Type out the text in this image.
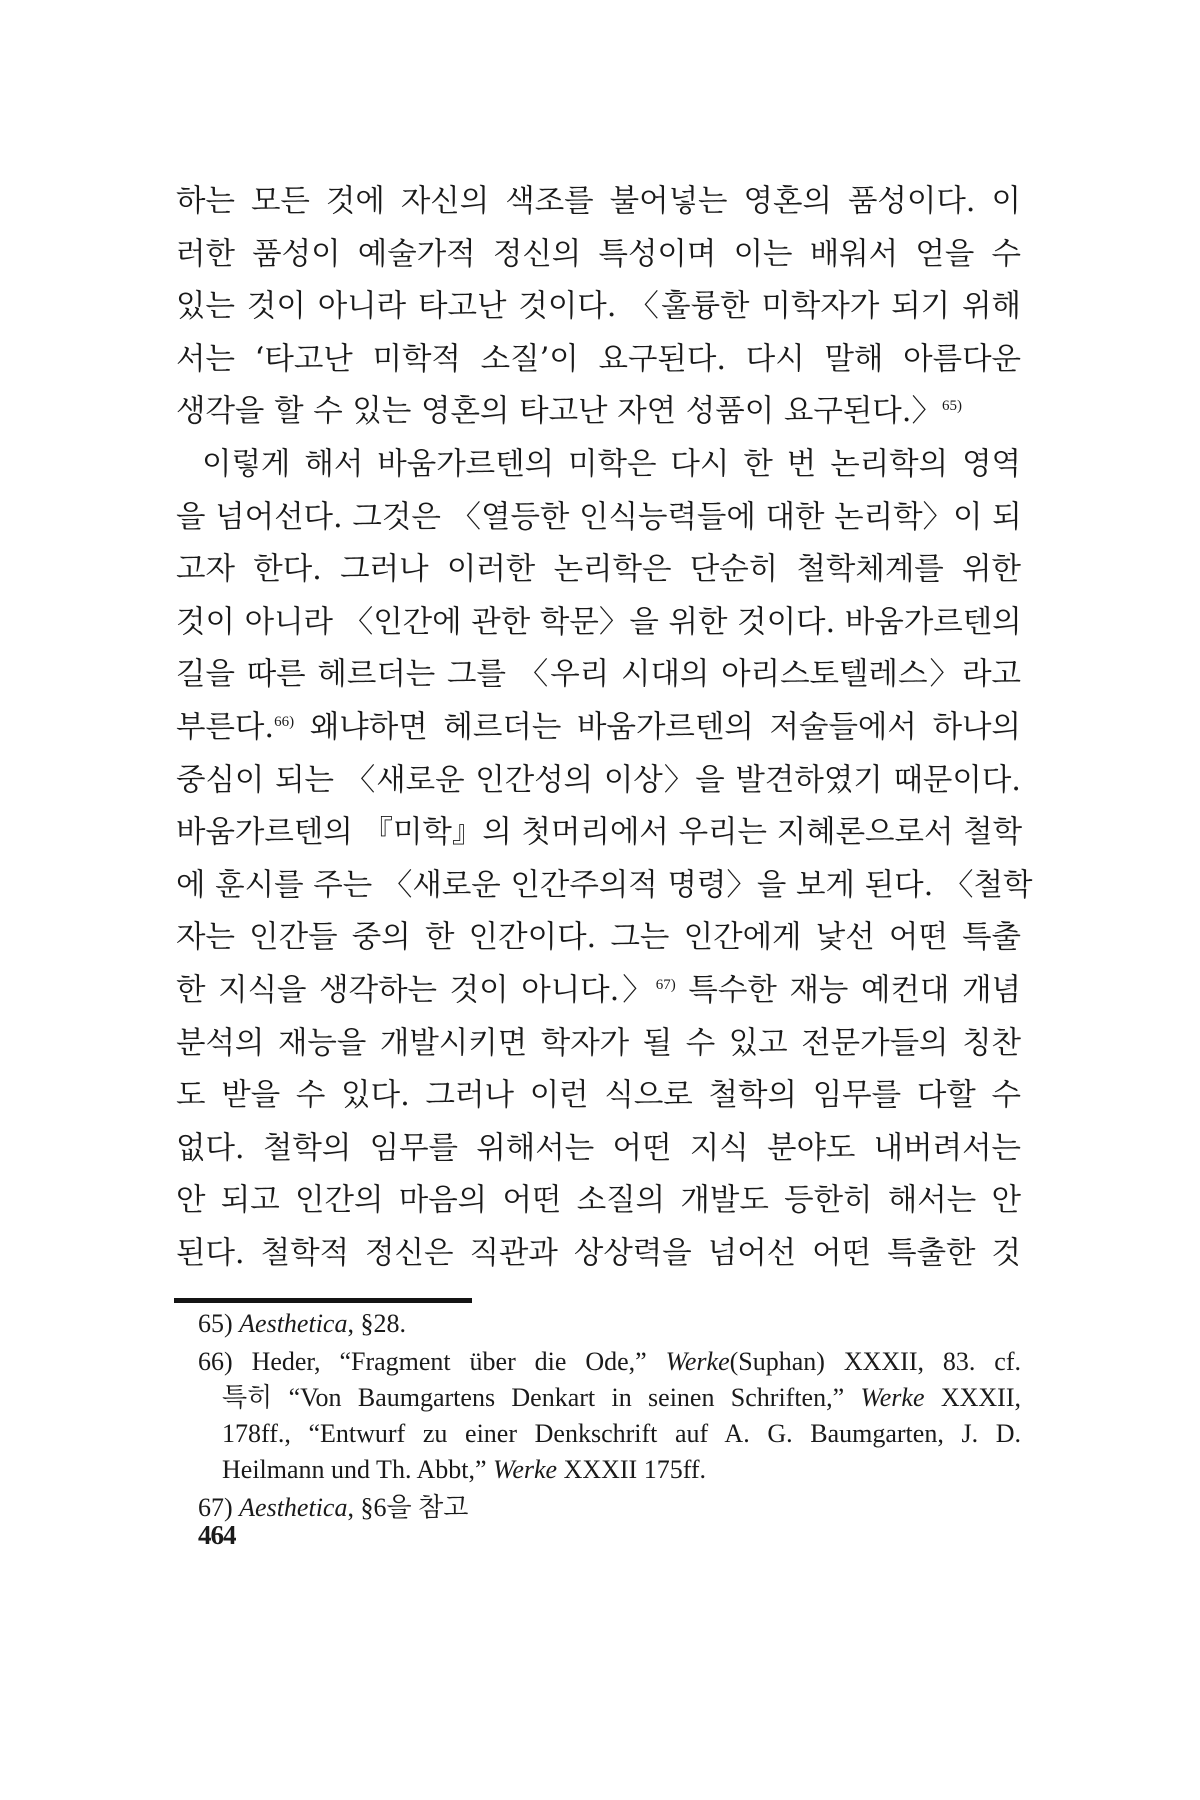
하는 모든 것에 자신의 색조를 불어넣는 영혼의 품성이다. 이
러한 품성이 예술가적 정신의 특성이며 이는 배워서 얻을 수
있는 것이 아니라 타고난 것이다. 〈훌륭한 미학자가 되기 위해
서는 ‘타고난 미학적 소질’이 요구된다. 다시 말해 아름다운
생각을 할 수 있는 영혼의 타고난 자연 성품이 요구된다.〉$^{65)}$
이렇게 해서 바움가르텐의 미학은 다시 한 번 논리학의 영역
을 넘어선다. 그것은 〈열등한 인식능력들에 대한 논리학〉이 되
고자 한다. 그러나 이러한 논리학은 단순히 철학체계를 위한
것이 아니라 〈인간에 관한 학문〉을 위한 것이다. 바움가르텐의
길을 따른 헤르더는 그를 〈우리 시대의 아리스토텔레스〉라고
부른다.$^{66)}$ 왜냐하면 헤르더는 바움가르텐의 저술들에서 하나의
중심이 되는 〈새로운 인간성의 이상〉을 발견하였기 때문이다.
바움가르텐의 『미학』의 첫머리에서 우리는 지혜론으로서 철학
에 훈시를 주는 〈새로운 인간주의적 명령〉을 보게 된다. 〈철학
자는 인간들 중의 한 인간이다. 그는 인간에게 낯선 어떤 특출
한 지식을 생각하는 것이 아니다.〉$^{67)}$ 특수한 재능 예컨대 개념
분석의 재능을 개발시키면 학자가 될 수 있고 전문가들의 칭찬
도 받을 수 있다. 그러나 이런 식으로 철학의 임무를 다할 수
없다. 철학의 임무를 위해서는 어떤 지식 분야도 내버려서는
안 되고 인간의 마음의 어떤 소질의 개발도 등한히 해서는 안
된다. 철학적 정신은 직관과 상상력을 넘어선 어떤 특출한 것
65) Aesthetica, §28.
66) Heder, “Fragment über die Ode,” Werke(Suphan) XXXII, 83. cf.
특히 “Von Baumgartens Denkart in seinen Schriften,” Werke XXXII,
178ff., “Entwurf zu einer Denkschrift auf A. G. Baumgarten, J. D.
Heilmann und Th. Abbt,” Werke XXXII 175ff.
67) Aesthetica, §6을 참고
464
